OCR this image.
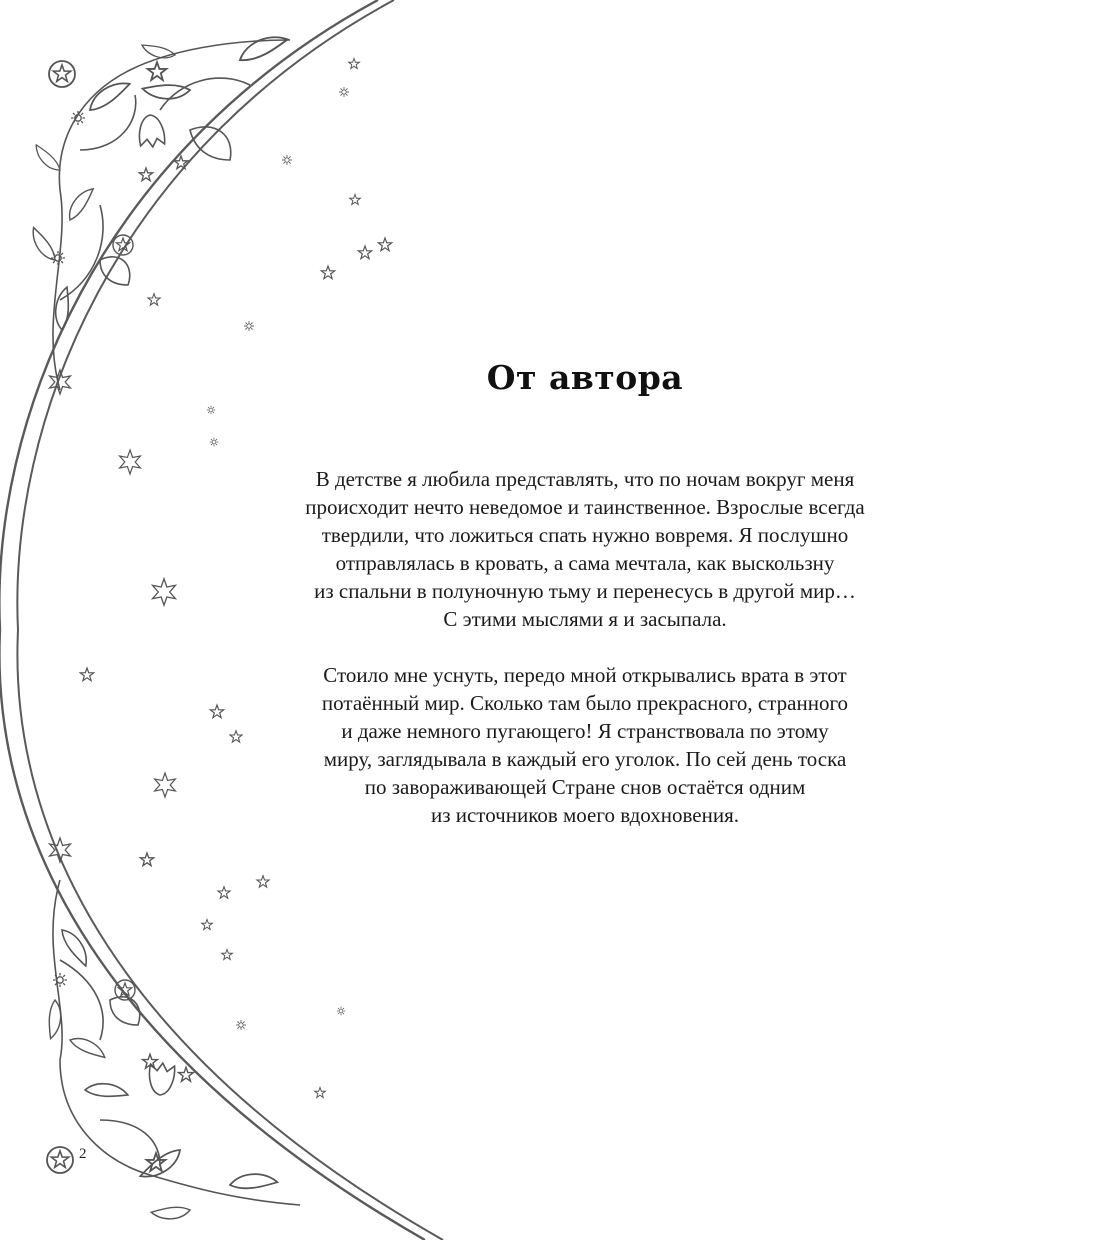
От автора

В детстве я любила представлять, что по ночам вокруг меня
происходит нечто неведомое и таинственное. Взрослые всегда
твердили, что ложиться спать нужно вовремя. Я послушно
отправлялась в кровать, а сама мечтала, как выскользну
из спальни в полуночную тьму и перенесусь в другой мир…
С этими мыслями я и засыпала.

Стоило мне уснуть, передо мной открывались врата в этот
потаённый мир. Сколько там было прекрасного, странного
и даже немного пугающего! Я странствовала по этому
миру, заглядывала в каждый его уголок. По сей день тоска
по завораживающей Стране снов остаётся одним
из источников моего вдохновения.

2
